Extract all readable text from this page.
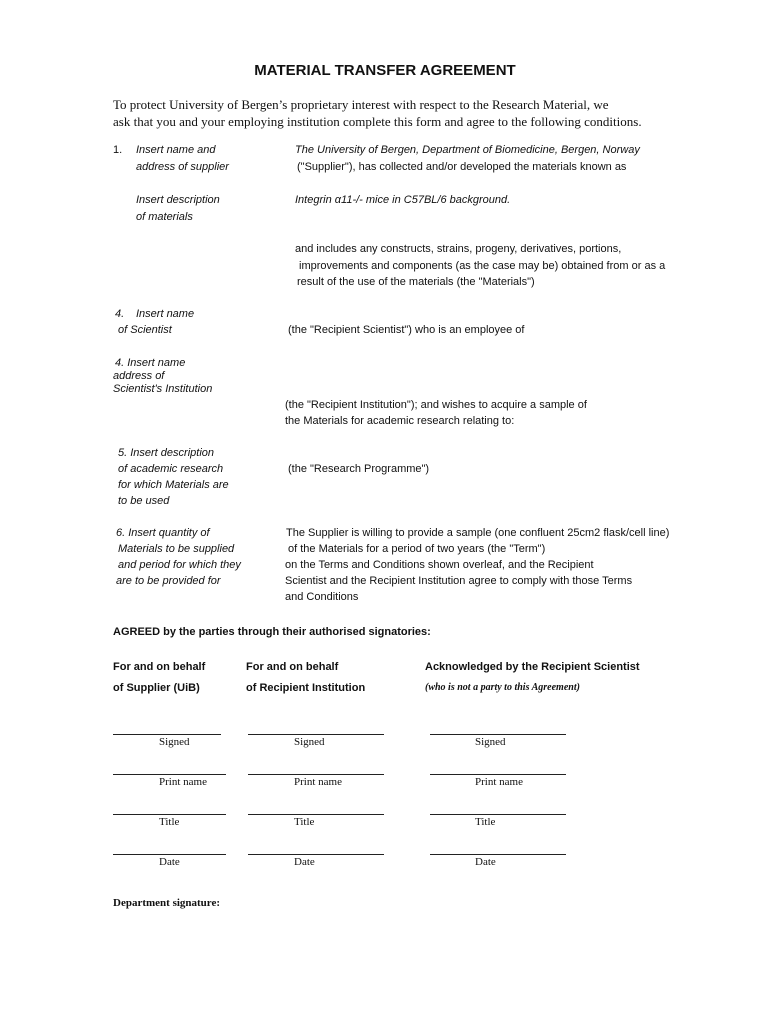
MATERIAL TRANSFER AGREEMENT
To protect University of Bergen’s proprietary interest with respect to the Research Material, we
ask that you and your employing institution complete this form and agree to the following conditions.
1. Insert name and
address of supplier
The University of Bergen, Department of Biomedicine, Bergen, Norway
("Supplier"), has collected and/or developed the materials known as
Insert description
of materials
Integrin α11-/- mice in C57BL/6 background.
and includes any constructs, strains, progeny, derivatives, portions,
improvements and components (as the case may be) obtained from or as a
result of the use of the materials (the "Materials")
4. Insert name
of Scientist	(the "Recipient Scientist") who is an employee of
4. Insert name
address of
Scientist's Institution
(the "Recipient Institution"); and wishes to acquire a sample of
the Materials for academic research relating to:
5. Insert description
of academic research
for which Materials are
to be used
(the "Research Programme")
6. Insert quantity of
Materials to be supplied
and period for which they
are to be provided for
The Supplier is willing to provide a sample (one confluent 25cm2 flask/cell line)
of the Materials for a period of two years (the "Term")
on the Terms and Conditions shown overleaf, and the Recipient
Scientist and the Recipient Institution agree to comply with those Terms
and Conditions
AGREED by the parties through their authorised signatories:
For and on behalf
of Supplier (UiB)
For and on behalf
of Recipient Institution
Acknowledged by the Recipient Scientist
(who is not a party to this Agreement)
Signed
Print name
Title
Date
Signed
Print name
Title
Date
Signed
Print name
Title
Date
Department signature:
